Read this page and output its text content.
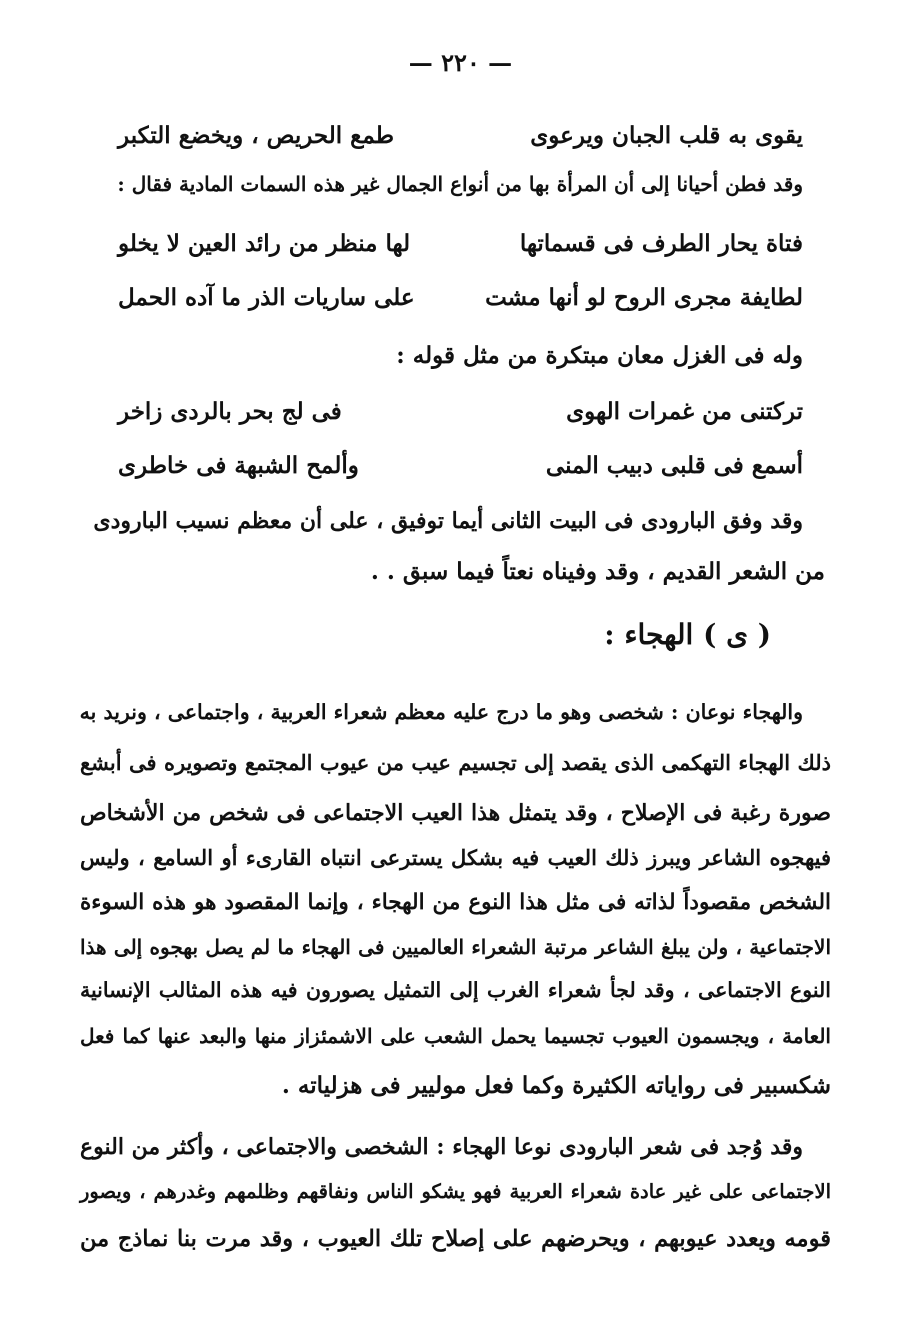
— ٢٢٠ —
يقوى به قلب الجبان ويرعوى
طمع الحريص ، ويخضع التكبر
وقد فطن أحيانا إلى أن المرأة بها من أنواع الجمال غير هذه السمات المادية فقال :
فتاة يحار الطرف فى قسماتها
لها منظر من رائد العين لا يخلو
لطايفة مجرى الروح لو أنها مشت
على ساريات الذر ما آده الحمل
وله فى الغزل معان مبتكرة من مثل قوله :
تركتنى من غمرات الهوى
فى لج بحر بالردى زاخر
أسمع فى قلبى دبيب المنى
وألمح الشبهة فى خاطرى
وقد وفق البارودى فى البيت الثانى أيما توفيق ، على أن معظم نسيب البارودى
من الشعر القديم ، وقد وفيناه نعتاً فيما سبق . .
( ى ) الهجاء :
والهجاء نوعان : شخصى وهو ما درج عليه معظم شعراء العربية ، واجتماعى ، ونريد به
ذلك الهجاء التهكمى الذى يقصد إلى تجسيم عيب من عيوب المجتمع وتصويره فى أبشع
صورة رغبة فى الإصلاح ، وقد يتمثل هذا العيب الاجتماعى فى شخص من الأشخاص
فيهجوه الشاعر ويبرز ذلك العيب فيه بشكل يسترعى انتباه القارىء أو السامع ، وليس
الشخص مقصوداً لذاته فى مثل هذا النوع من الهجاء ، وإنما المقصود هو هذه السوءة
الاجتماعية ، ولن يبلغ الشاعر مرتبة الشعراء العالميين فى الهجاء ما لم يصل بهجوه إلى هذا
النوع الاجتماعى ، وقد لجأ شعراء الغرب إلى التمثيل يصورون فيه هذه المثالب الإنسانية
العامة ، ويجسمون العيوب تجسيما يحمل الشعب على الاشمئزاز منها والبعد عنها كما فعل
شكسبير فى رواياته الكثيرة وكما فعل موليير فى هزلياته .
وقد وُجد فى شعر البارودى نوعا الهجاء : الشخصى والاجتماعى ، وأكثر من النوع
الاجتماعى على غير عادة شعراء العربية فهو يشكو الناس ونفاقهم وظلمهم وغدرهم ، ويصور
قومه ويعدد عيوبهم ، ويحرضهم على إصلاح تلك العيوب ، وقد مرت بنا نماذج من
